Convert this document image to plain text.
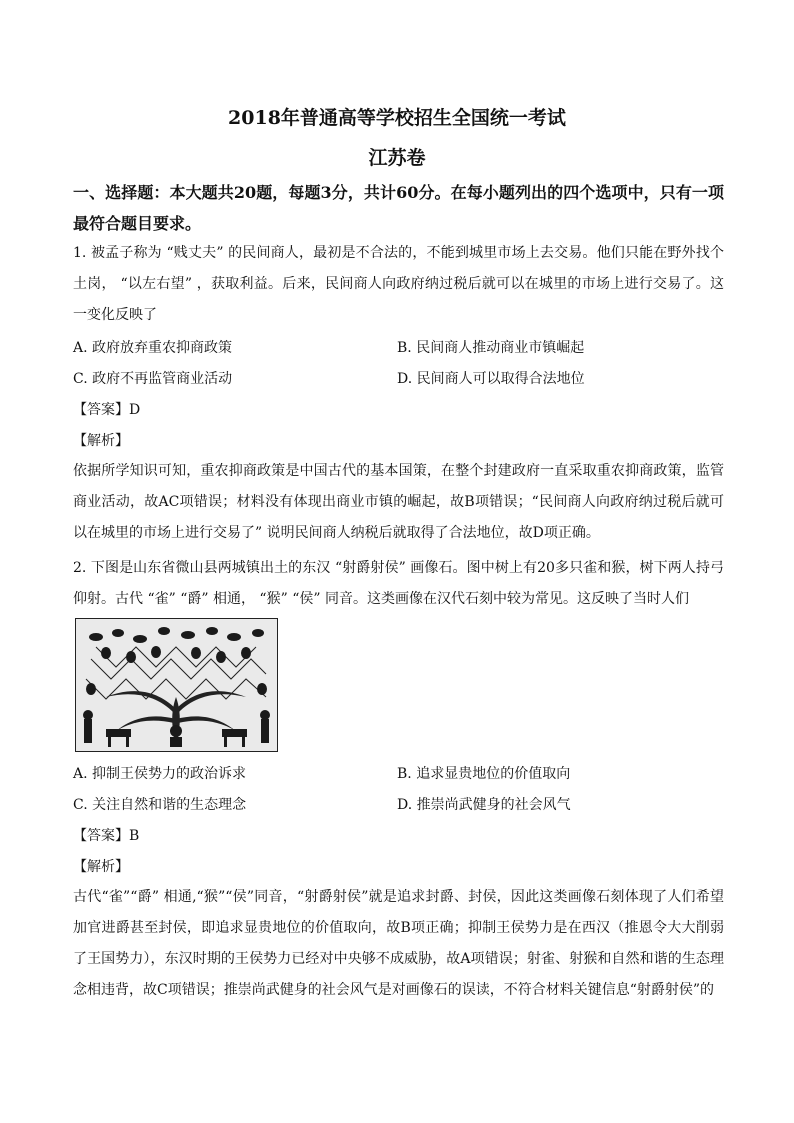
2018年普通高等学校招生全国统一考试
江苏卷

一、选择题：本大题共20题，每题3分，共计60分。在每小题列出的四个选项中，只有一项最符合题目要求。

1. 被孟子称为 “贱丈夫” 的民间商人，最初是不合法的，不能到城里市场上去交易。他们只能在野外找个土岗， “以左右望” ，获取利益。后来，民间商人向政府纳过税后就可以在城里的市场上进行交易了。这一变化反映了

A. 政府放弃重农抑商政策	B. 民间商人推动商业市镇崛起
C. 政府不再监管商业活动	D. 民间商人可以取得合法地位
【答案】D
【解析】

依据所学知识可知，重农抑商政策是中国古代的基本国策，在整个封建政府一直采取重农抑商政策，监管商业活动，故AC项错误；材料没有体现出商业市镇的崛起，故B项错误；“民间商人向政府纳过税后就可以在城里的市场上进行交易了” 说明民间商人纳税后就取得了合法地位，故D项正确。

2. 下图是山东省微山县两城镇出土的东汉 “射爵射侯” 画像石。图中树上有20多只雀和猴，树下两人持弓仰射。古代 “雀” “爵” 相通， “猴” “侯” 同音。这类画像在汉代石刻中较为常见。这反映了当时人们

A. 抑制王侯势力的政治诉求	B. 追求显贵地位的价值取向
C. 关注自然和谐的生态理念	D. 推崇尚武健身的社会风气
【答案】B
【解析】

古代“雀”“爵” 相通,“猴”“侯”同音，“射爵射侯”就是追求封爵、封侯，因此这类画像石刻体现了人们希望加官进爵甚至封侯，即追求显贵地位的价值取向，故B项正确；抑制王侯势力是在西汉（推恩令大大削弱了王国势力），东汉时期的王侯势力已经对中央够不成威胁，故A项错误；射雀、射猴和自然和谐的生态理念相违背，故C项错误；推崇尚武健身的社会风气是对画像石的误读，不符合材料关键信息“射爵射侯”的
